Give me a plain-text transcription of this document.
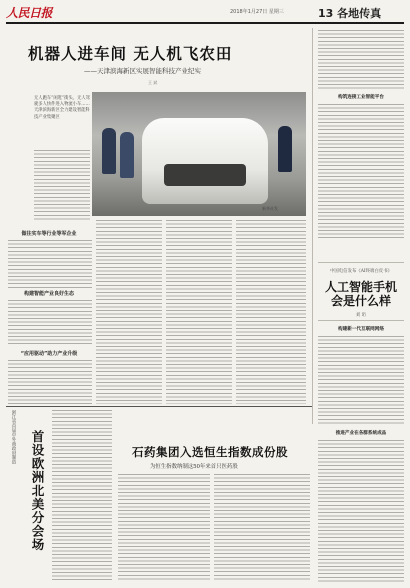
人民日报	2018年1月27日 星期三	13 各地传真
机器人进车间 无人机飞农田
——天津滨海新区实展智能科技产业纪实
王 斌
无人跑车“闲逛”街头，无人驾驶多人快件进入物流小车……天津滨海新区全力建设智能科技产业集聚区
新华社发
做往实车等行业等军企业
构建智能产业良好生态
“应用驱动”助力产业升级
构筑连接工业智能平台
中国电信发布《AI终端白皮书》
人工智能手机
会是什么样
刘 珩
构建新一代互联网网络
浙江省首届中外商政府制造	首设欧洲北美分会场	石药集团入选恒生指数成份股
为恒生指数纳制这50年来首只医药股
推进产业在各群系统成品
